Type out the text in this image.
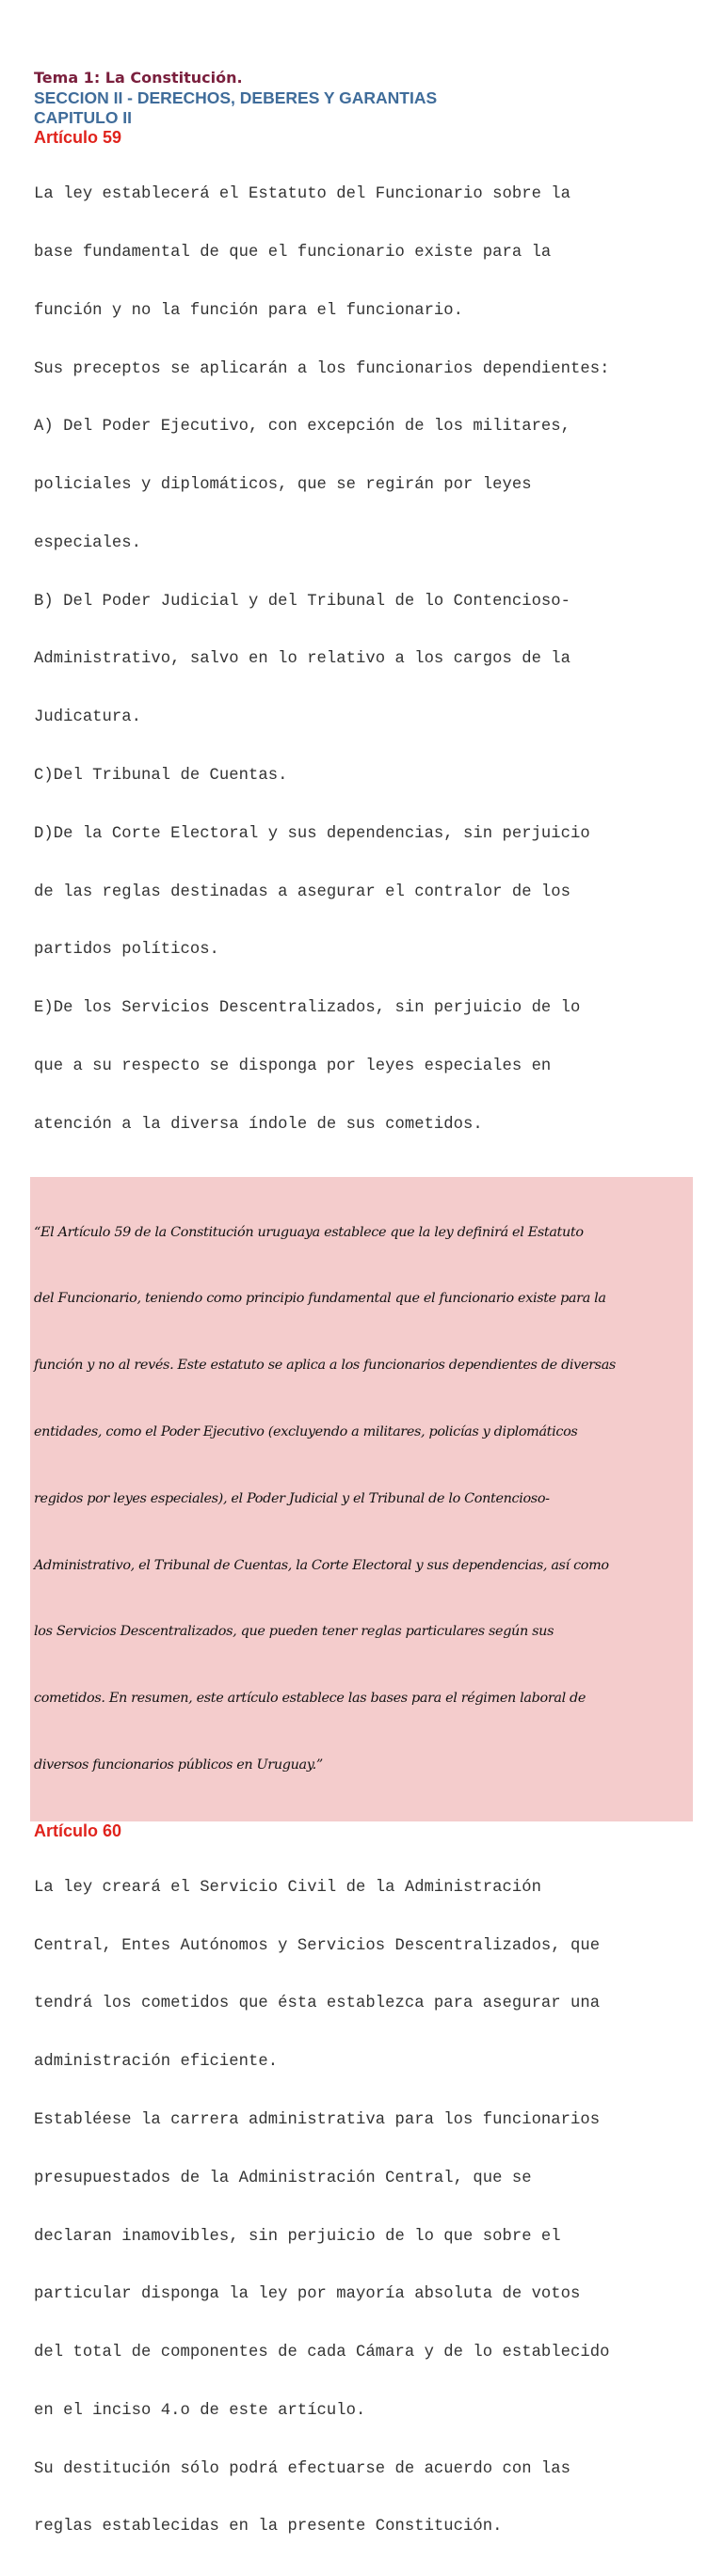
Tema 1: La Constitución.
SECCION II - DERECHOS, DEBERES Y GARANTIAS
CAPITULO II
Artículo 59

La ley establecerá el Estatuto del Funcionario sobre la

base fundamental de que el funcionario existe para la

función y no la función para el funcionario.

Sus preceptos se aplicarán a los funcionarios dependientes:

A) Del Poder Ejecutivo, con excepción de los militares,

policiales y diplomáticos, que se regirán por leyes

especiales.

B) Del Poder Judicial y del Tribunal de lo Contencioso-

Administrativo, salvo en lo relativo a los cargos de la

Judicatura.

C)Del Tribunal de Cuentas.

D)De la Corte Electoral y sus dependencias, sin perjuicio

de las reglas destinadas a asegurar el contralor de los

partidos políticos.

E)De los Servicios Descentralizados, sin perjuicio de lo

que a su respecto se disponga por leyes especiales en

atención a la diversa índole de sus cometidos.

“El Artículo 59 de la Constitución uruguaya establece que la ley definirá el Estatuto

del Funcionario, teniendo como principio fundamental que el funcionario existe para la

función y no al revés. Este estatuto se aplica a los funcionarios dependientes de diversas

entidades, como el Poder Ejecutivo (excluyendo a militares, policías y diplomáticos

regidos por leyes especiales), el Poder Judicial y el Tribunal de lo Contencioso-

Administrativo, el Tribunal de Cuentas, la Corte Electoral y sus dependencias, así como

los Servicios Descentralizados, que pueden tener reglas particulares según sus

cometidos. En resumen, este artículo establece las bases para el régimen laboral de

diversos funcionarios públicos en Uruguay.”

Artículo 60

La ley creará el Servicio Civil de la Administración

Central, Entes Autónomos y Servicios Descentralizados, que

tendrá los cometidos que ésta establezca para asegurar una

administración eficiente.

Establéese la carrera administrativa para los funcionarios

presupuestados de la Administración Central, que se

declaran inamovibles, sin perjuicio de lo que sobre el

particular disponga la ley por mayoría absoluta de votos

del total de componentes de cada Cámara y de lo establecido

en el inciso 4.o de este artículo.

Su destitución sólo podrá efectuarse de acuerdo con las

reglas establecidas en la presente Constitución.
